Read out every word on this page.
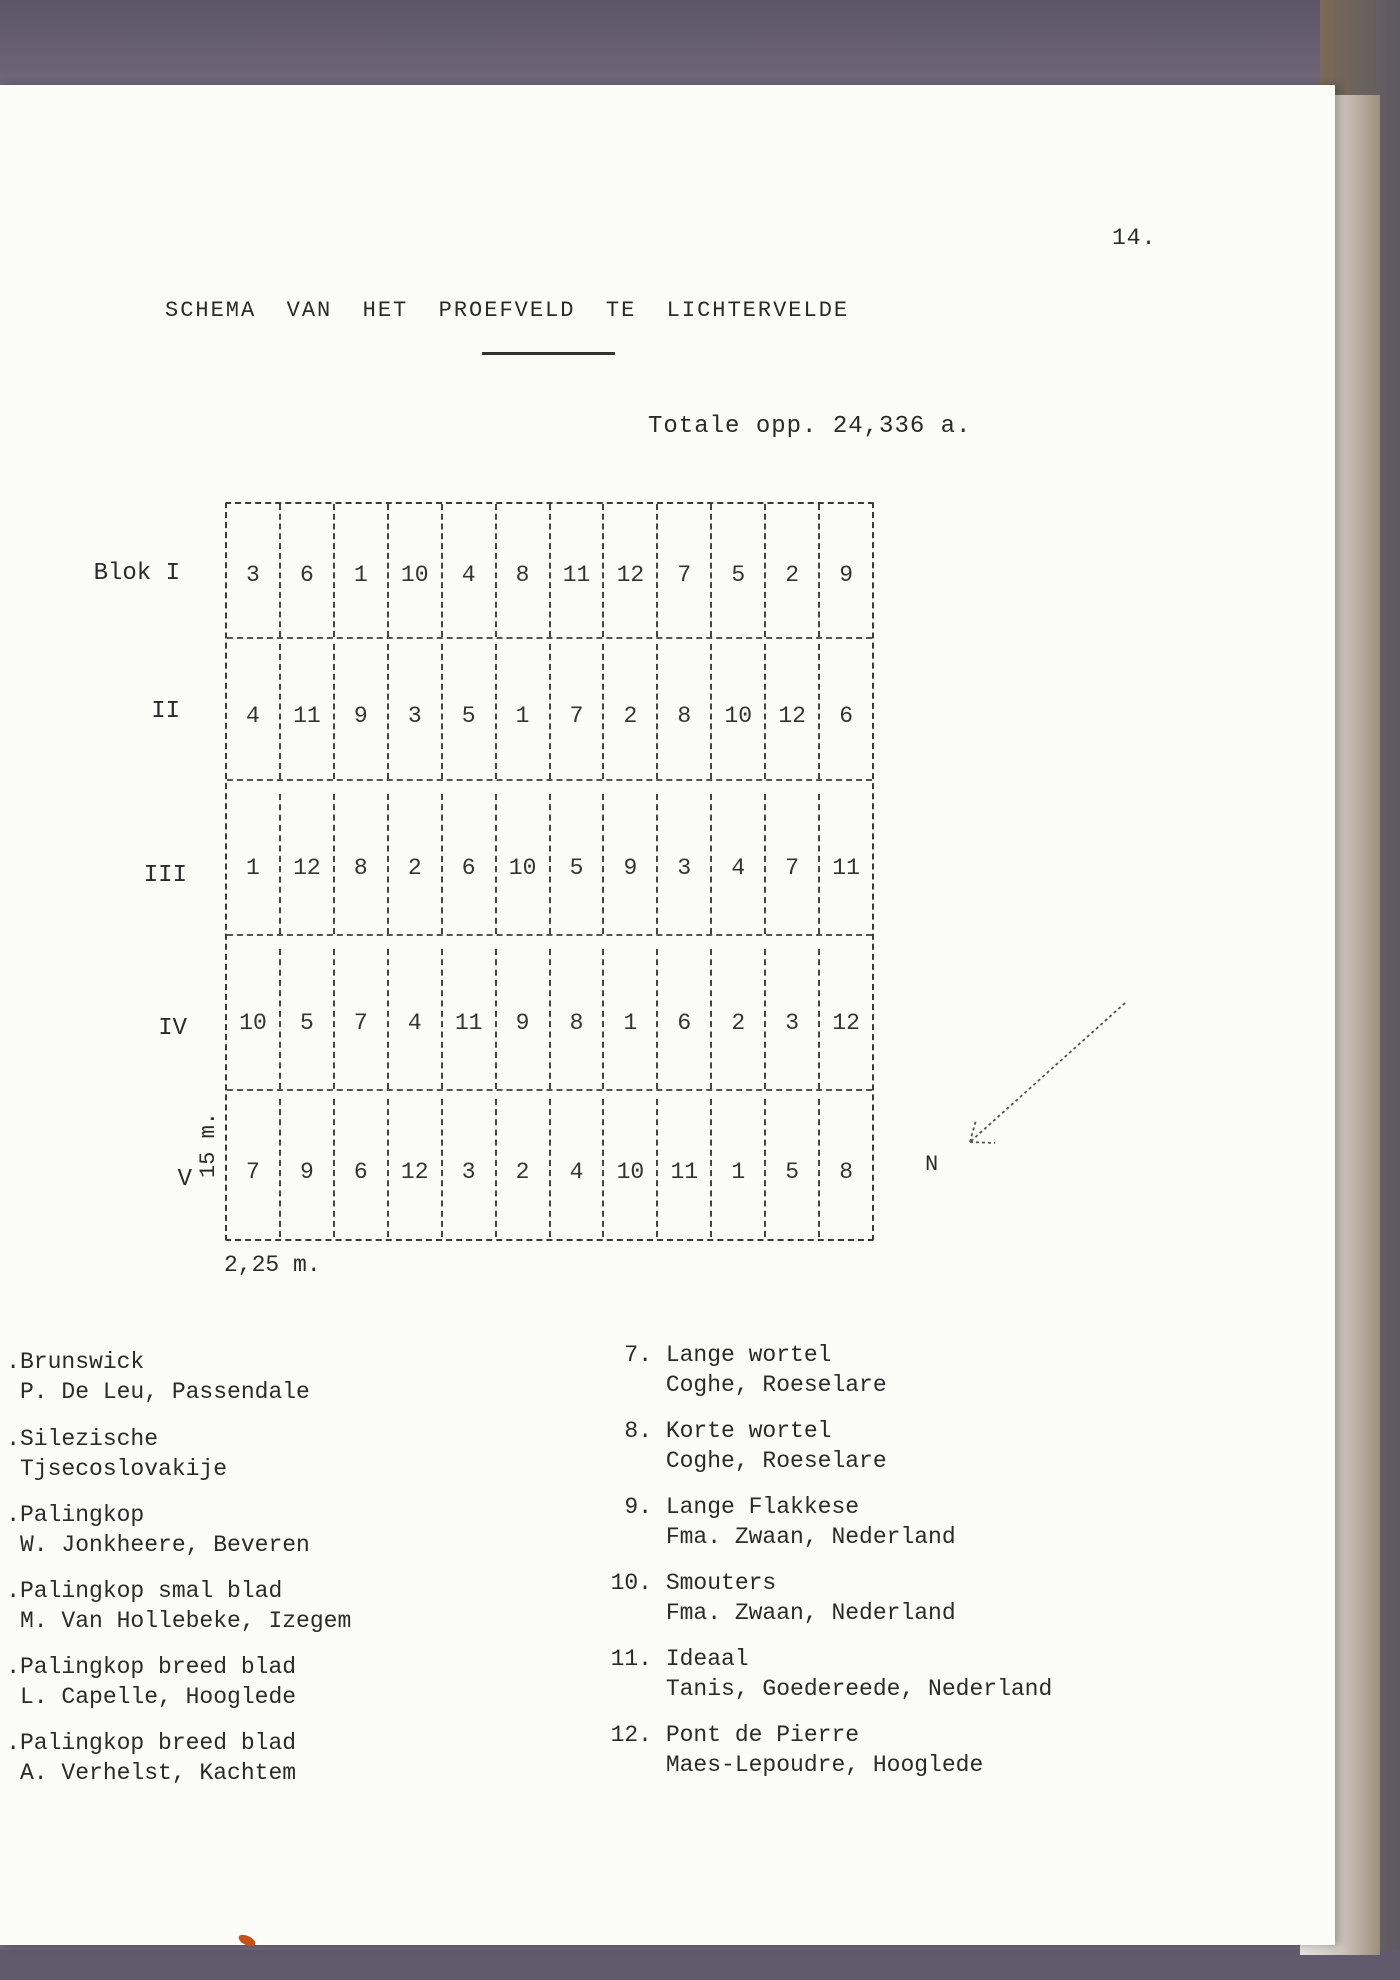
14.
SCHEMA  VAN  HET  PROEFVELD  TE  LICHTERVELDE
Totale opp. 24,336 a.
Blok I
II
III
IV
V
15 m.
2,25 m.
3	6	1	10	4	8	11	12	7	5	2	9
4	11	9	3	5	1	7	2	8	10	12	6
1	12	8	2	6	10	5	9	3	4	7	11
10	5	7	4	11	9	8	1	6	2	3	12
7	9	6	12	3	2	4	10	11	1	5	8	N
.Brunswick
P. De Leu, Passendale
.Silezische
Tjsecoslovakije
.Palingkop
W. Jonkheere, Beveren
.Palingkop smal blad
M. Van Hollebeke, Izegem
.Palingkop breed blad
L. Capelle, Hooglede
.Palingkop breed blad
A. Verhelst, Kachtem
7. Lange wortel
Coghe, Roeselare
8. Korte wortel
Coghe, Roeselare
9. Lange Flakkese
Fma. Zwaan, Nederland
10. Smouters
Fma. Zwaan, Nederland
11. Ideaal
Tanis, Goedereede, Nederland
12. Pont de Pierre
Maes-Lepoudre, Hooglede
